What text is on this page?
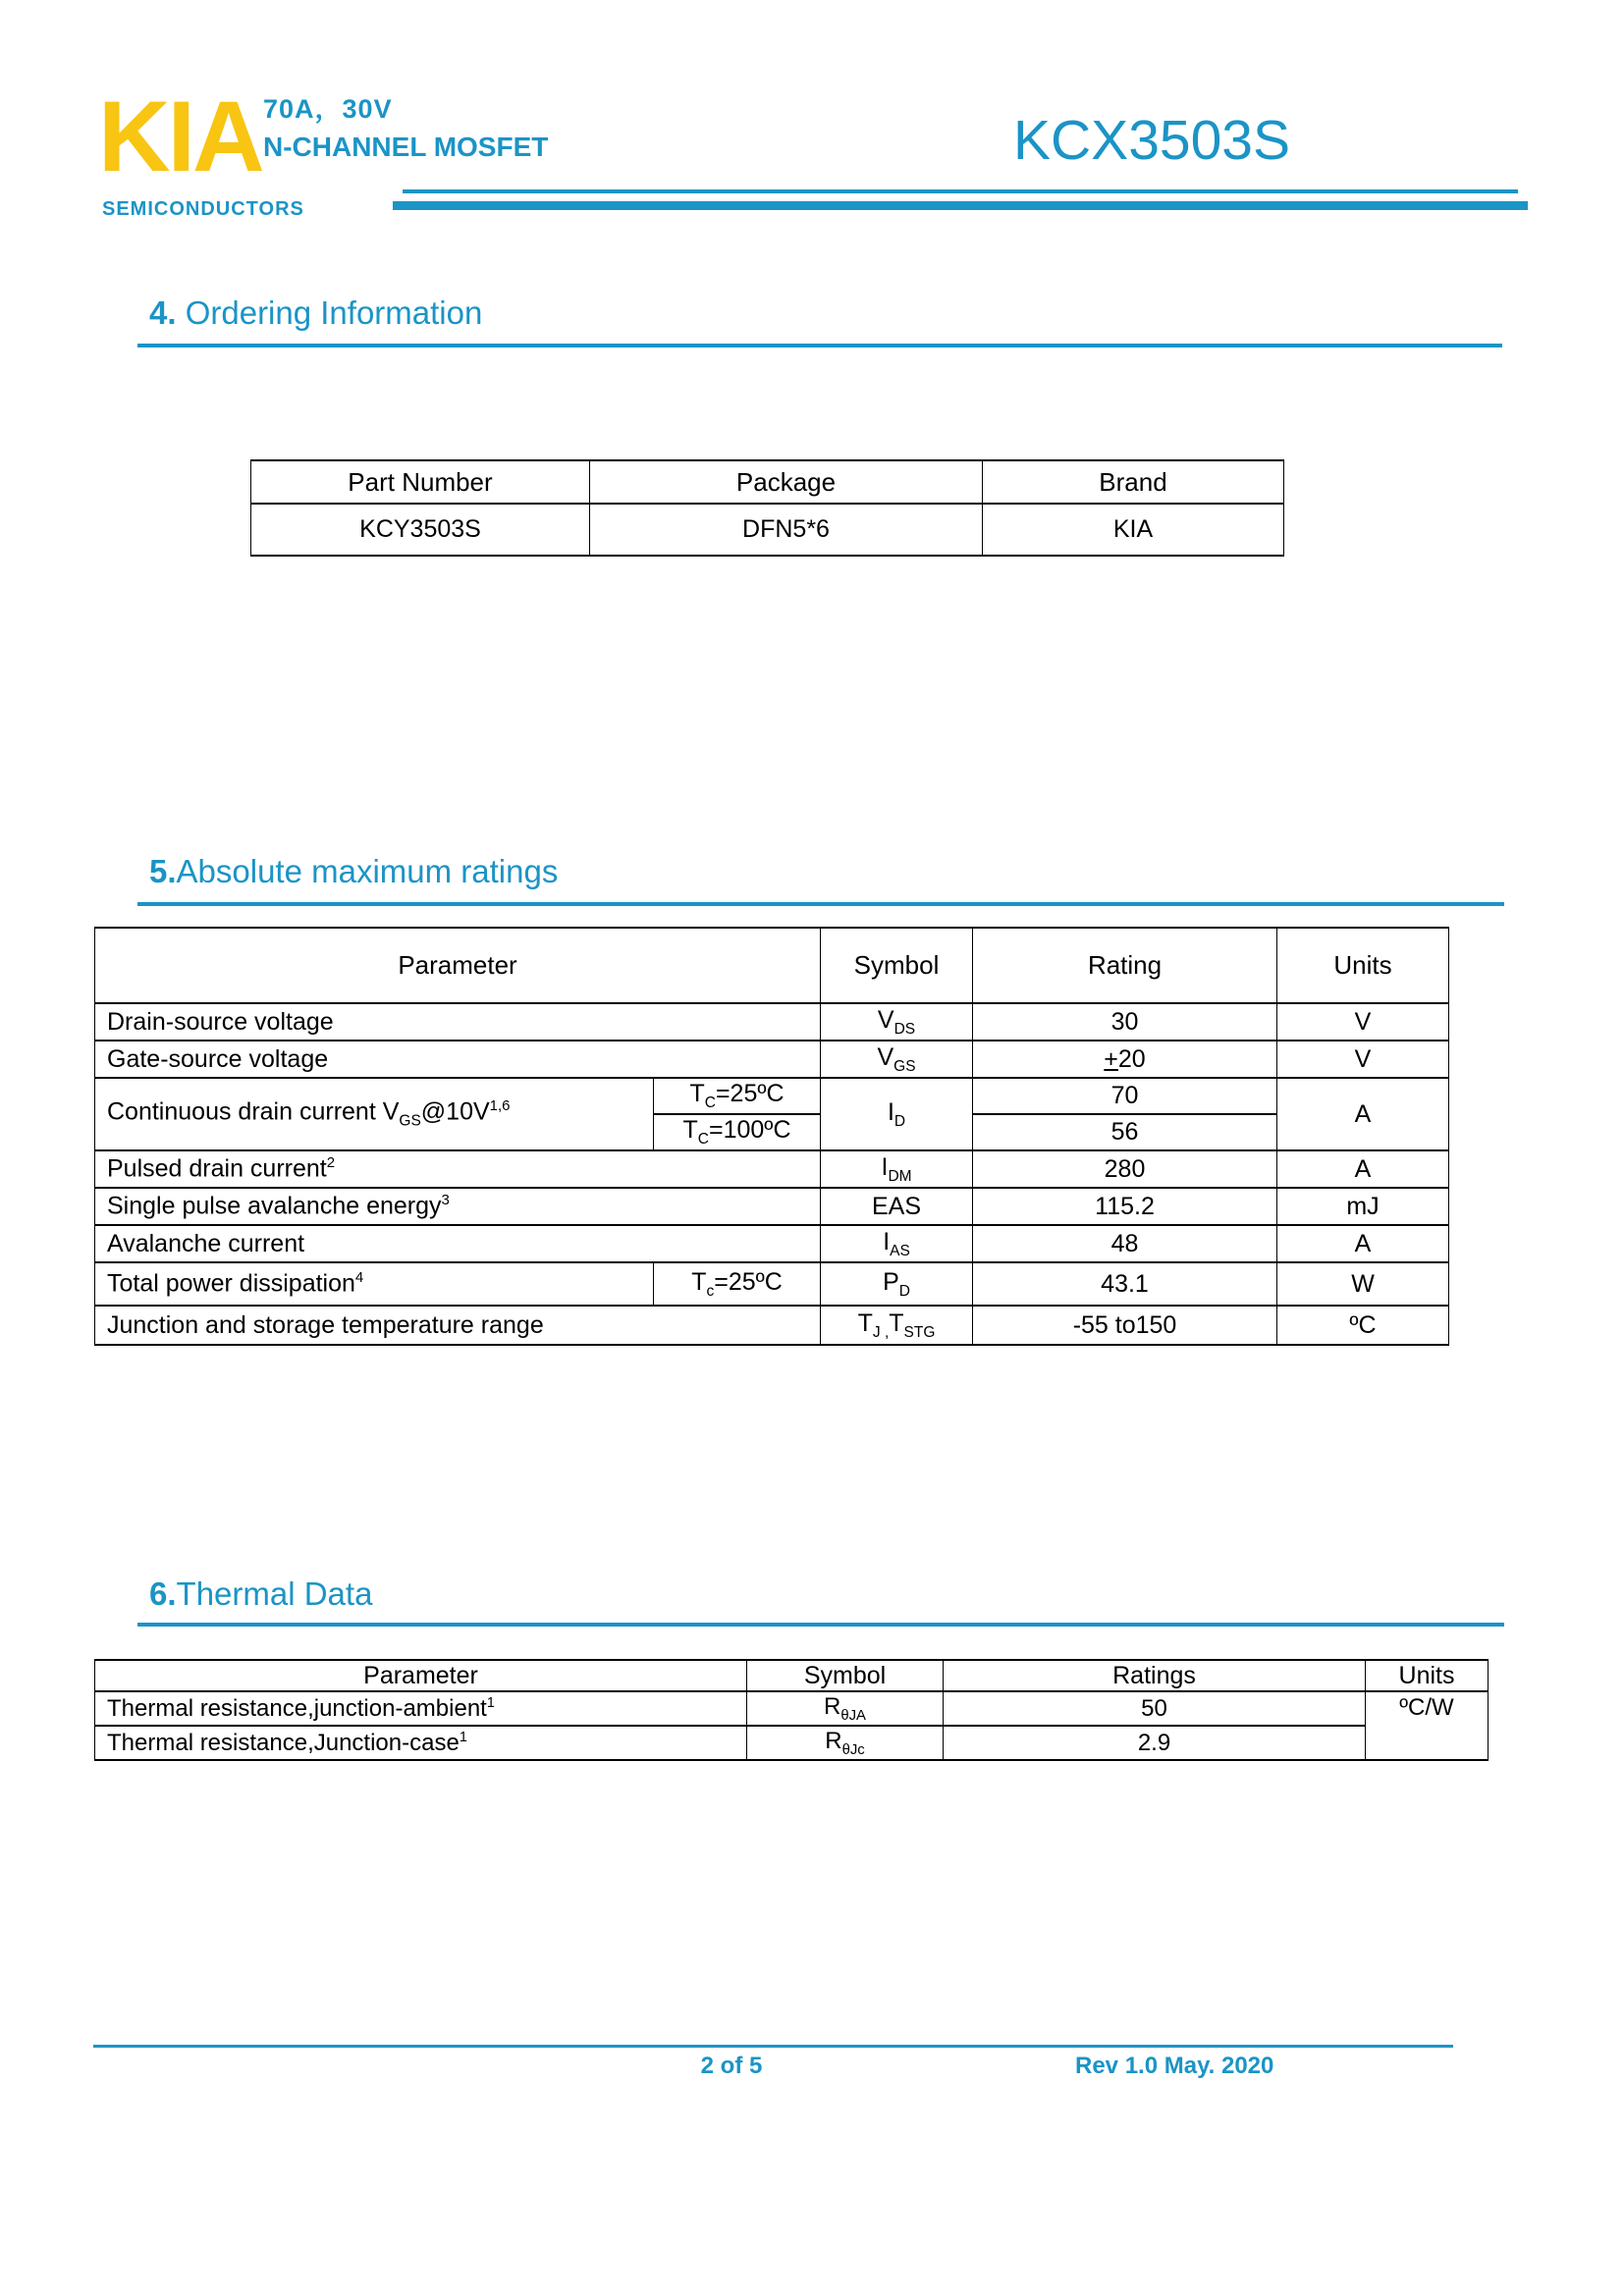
KIA
SEMICONDUCTORS
70A，30V
N-CHANNEL MOSFET	KCX3503S
4. Ordering Information
Part Number	Package	Brand
KCY3503S	DFN5*6	KIA
5.Absolute maximum ratings
Parameter		Symbol	Rating	Units
Drain-source voltage		$V_{DS}$	30	V
Gate-source voltage		$V_{GS}$	+20	V
Continuous drain current $V_{GS}@10V^{1,6}$	$T_C=25ºC$	$I_D$	70	A
	$T_C=100ºC$		56	
Pulsed drain current$^2$		$I_{DM}$	280	A
Single pulse avalanche energy$^3$		EAS	115.2	mJ
Avalanche current		$I_{AS}$	48	A
Total power dissipation$^4$	$T_c=25ºC$	$P_D$	43.1	W
Junction and storage temperature range		$T_{J ,}T_{STG}$	-55 to150	ºC
6.Thermal Data
Parameter	Symbol	Ratings	Units
Thermal resistance,junction-ambient$^1$	$R_{\theta JA}$	50	ºC/W
Thermal resistance,Junction-case$^1$	$R_{\theta Jc}$	2.9	
2 of 5	Rev 1.0 May. 2020
